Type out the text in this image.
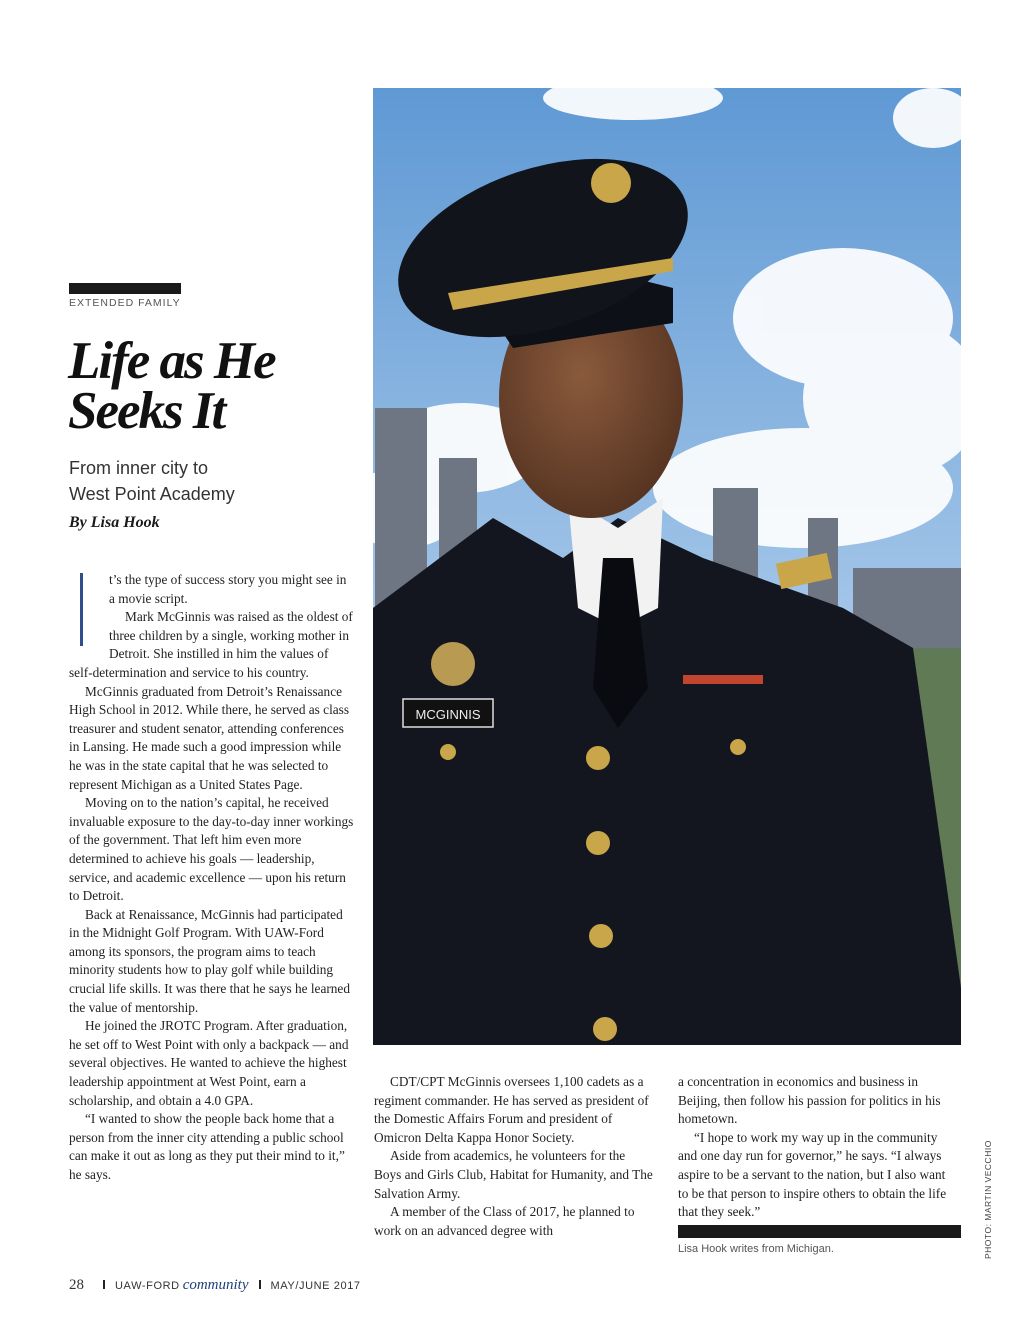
EXTENDED FAMILY
Life as He
Seeks It
From inner city to
West Point Academy
By Lisa Hook

t’s the type of success story you might see in a movie script.

Mark McGinnis was raised as the oldest of three children by a single, working mother in Detroit. She instilled in him the values of self-determination and service to his country.

McGinnis graduated from Detroit’s Renaissance High School in 2012. While there, he served as class treasurer and student senator, attending conferences in Lansing. He made such a good impression while he was in the state capital that he was selected to represent Michigan as a United States Page.

Moving on to the nation’s capital, he received invaluable exposure to the day-to-day inner workings of the government. That left him even more determined to achieve his goals — leadership, service, and academic excellence — upon his return to Detroit.

Back at Renaissance, McGinnis had participated in the Midnight Golf Program. With UAW-Ford among its sponsors, the program aims to teach minority students how to play golf while building crucial life skills. It was there that he says he learned the value of mentorship.

He joined the JROTC Program. After graduation, he set off to West Point with only a backpack — and several objectives. He wanted to achieve the highest leadership appointment at West Point, earn a scholarship, and obtain a 4.0 GPA.

“I wanted to show the people back home that a person from the inner city attending a public school can make it out as long as they put their mind to it,” he says.

MCGINNIS

CDT/CPT McGinnis oversees 1,100 cadets as a regiment commander. He has served as president of the Domestic Affairs Forum and president of Omicron Delta Kappa Honor Society.

Aside from academics, he volunteers for the Boys and Girls Club, Habitat for Humanity, and The Salvation Army.

A member of the Class of 2017, he planned to work on an advanced degree with

a concentration in economics and business in Beijing, then follow his passion for politics in his hometown.

“I hope to work my way up in the community and one day run for governor,” he says. “I always aspire to be a servant to the nation, but I also want to be that person to inspire others to obtain the life that they seek.”	PHOTO: MARTIN VECCHIO
Lisa Hook writes from Michigan.
28	UAW-FORD community MAY/JUNE 2017
